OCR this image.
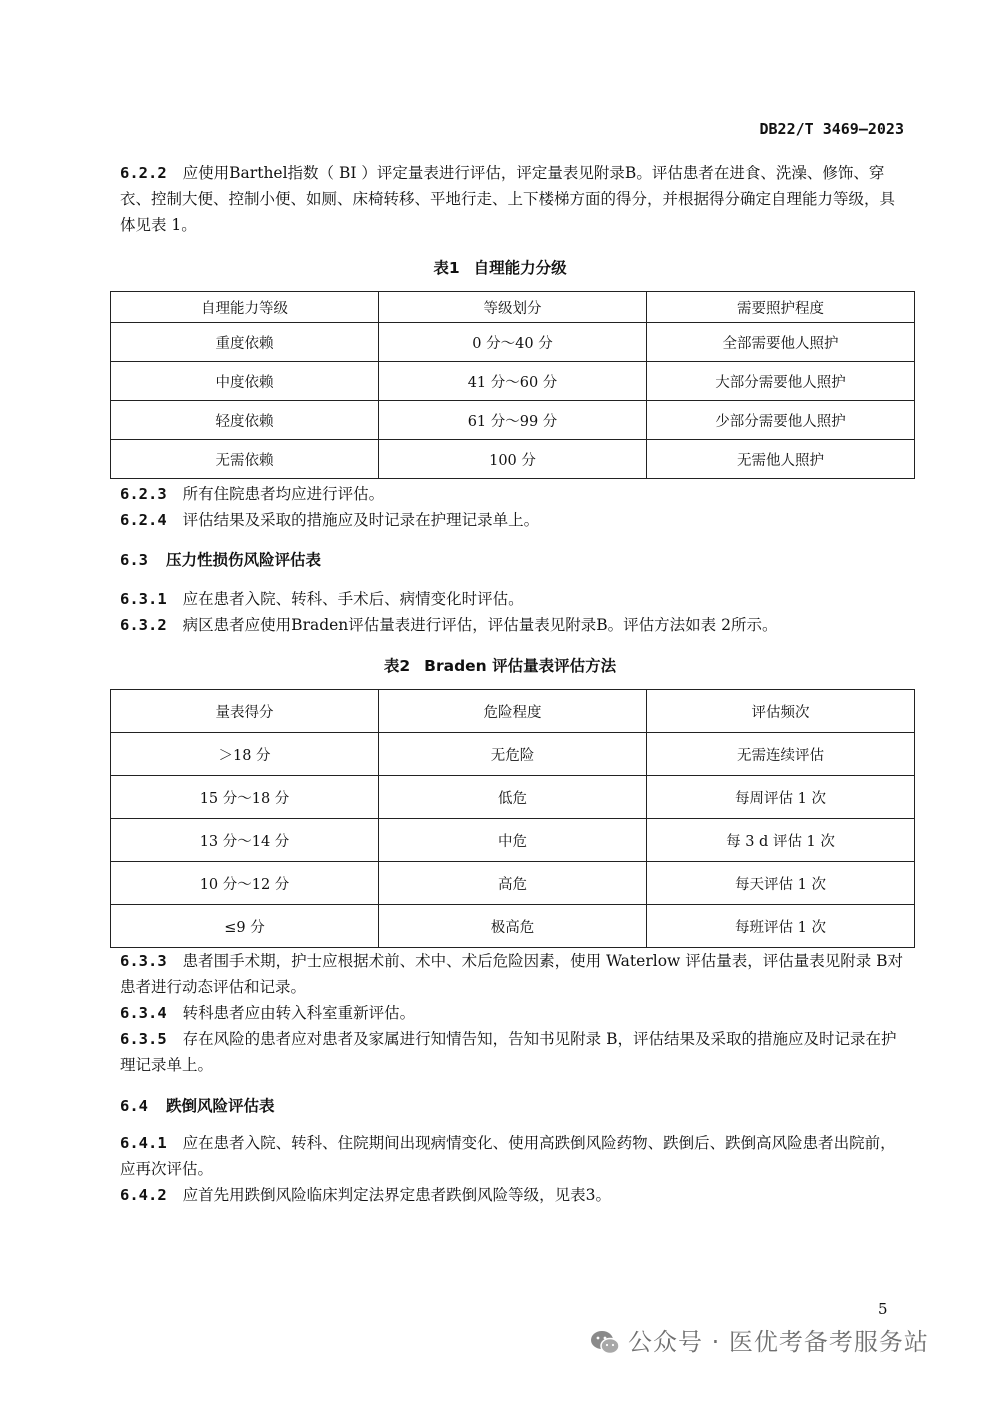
DB22/T 3469—2023
6.2.2 应使用Barthel指数（ BI ）评定量表进行评估，评定量表见附录B。评估患者在进食、洗澡、修饰、穿衣、控制大便、控制小便、如厕、床椅转移、平地行走、上下楼梯方面的得分，并根据得分确定自理能力等级，具体见表 1。
表1 自理能力分级
自理能力等级	等级划分	需要照护程度
重度依赖	0 分～40 分	全部需要他人照护
中度依赖	41 分～60 分	大部分需要他人照护
轻度依赖	61 分～99 分	少部分需要他人照护
无需依赖	100 分	无需他人照护
6.2.3 所有住院患者均应进行评估。
6.2.4 评估结果及采取的措施应及时记录在护理记录单上。
6.3 压力性损伤风险评估表
6.3.1 应在患者入院、转科、手术后、病情变化时评估。
6.3.2 病区患者应使用Braden评估量表进行评估，评估量表见附录B。评估方法如表 2所示。
表2 Braden 评估量表评估方法
量表得分	危险程度	评估频次
＞18 分	无危险	无需连续评估
15 分～18 分	低危	每周评估 1 次
13 分～14 分	中危	每 3 d 评估 1 次
10 分～12 分	高危	每天评估 1 次
≤9 分	极高危	每班评估 1 次
6.3.3 患者围手术期，护士应根据术前、术中、术后危险因素，使用 Waterlow 评估量表，评估量表见附录 B对患者进行动态评估和记录。
6.3.4 转科患者应由转入科室重新评估。
6.3.5 存在风险的患者应对患者及家属进行知情告知，告知书见附录 B，评估结果及采取的措施应及时记录在护理记录单上。
6.4 跌倒风险评估表
6.4.1 应在患者入院、转科、住院期间出现病情变化、使用高跌倒风险药物、跌倒后、跌倒高风险患者出院前，应再次评估。
6.4.2 应首先用跌倒风险临床判定法界定患者跌倒风险等级，见表3。
5
公众号 · 医优考备考服务站
